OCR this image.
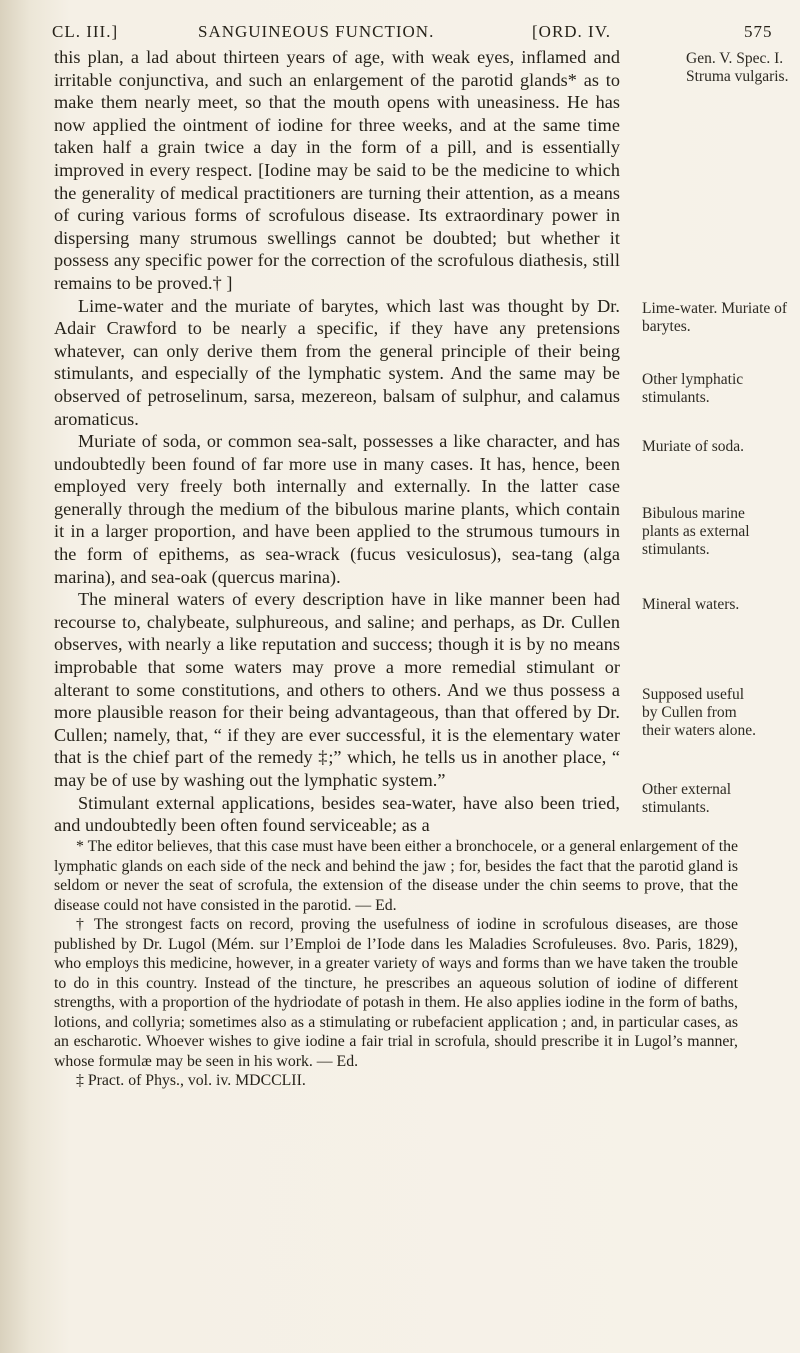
CL. III.]	SANGUINEOUS FUNCTION.	[ORD. IV.	575

this plan, a lad about thirteen years of age, with weak eyes, inflamed and irritable conjunctiva, and such an enlargement of the parotid glands* as to make them nearly meet, so that the mouth opens with uneasiness. He has now applied the ointment of iodine for three weeks, and at the same time taken half a grain twice a day in the form of a pill, and is essentially improved in every respect. [Iodine may be said to be the medicine to which the generality of medical practitioners are turning their attention, as a means of curing various forms of scrofulous disease. Its extraordinary power in dispersing many strumous swellings cannot be doubted; but whether it possess any specific power for the correction of the scrofulous diathesis, still remains to be proved.† ]

Lime-water and the muriate of barytes, which last was thought by Dr. Adair Crawford to be nearly a specific, if they have any pretensions whatever, can only derive them from the general principle of their being stimulants, and especially of the lymphatic system. And the same may be observed of petroselinum, sarsa, mezereon, balsam of sulphur, and calamus aromaticus.

Muriate of soda, or common sea-salt, possesses a like character, and has undoubtedly been found of far more use in many cases. It has, hence, been employed very freely both internally and externally. In the latter case generally through the medium of the bibulous marine plants, which contain it in a larger proportion, and have been applied to the strumous tumours in the form of epithems, as sea-wrack (fucus vesiculosus), sea-tang (alga marina), and sea-oak (quercus marina).

The mineral waters of every description have in like manner been had recourse to, chalybeate, sulphureous, and saline; and perhaps, as Dr. Cullen observes, with nearly a like reputation and success; though it is by no means improbable that some waters may prove a more remedial stimulant or alterant to some constitutions, and others to others. And we thus possess a more plausible reason for their being advantageous, than that offered by Dr. Cullen; namely, that, “ if they are ever successful, it is the elementary water that is the chief part of the remedy ‡;” which, he tells us in another place, “ may be of use by washing out the lymphatic system.”

Stimulant external applications, besides sea-water, have also been tried, and undoubtedly been often found serviceable; as a

Gen. V. Spec. I. Struma vulgaris.
Lime-water. Muriate of barytes.
Other lymphatic stimulants.
Muriate of soda.
Bibulous marine plants as external stimulants.
Mineral waters.
Supposed useful by Cullen from their waters alone.
Other external stimulants.

* The editor believes, that this case must have been either a bronchocele, or a general enlargement of the lymphatic glands on each side of the neck and behind the jaw ; for, besides the fact that the parotid gland is seldom or never the seat of scrofula, the extension of the disease under the chin seems to prove, that the disease could not have consisted in the parotid. — Ed.

† The strongest facts on record, proving the usefulness of iodine in scrofulous diseases, are those published by Dr. Lugol (Mém. sur l’Emploi de l’Iode dans les Maladies Scrofuleuses. 8vo. Paris, 1829), who employs this medicine, however, in a greater variety of ways and forms than we have taken the trouble to do in this country. Instead of the tincture, he prescribes an aqueous solution of iodine of different strengths, with a proportion of the hydriodate of potash in them. He also applies iodine in the form of baths, lotions, and collyria; sometimes also as a stimulating or rubefacient application ; and, in particular cases, as an escharotic. Whoever wishes to give iodine a fair trial in scrofula, should prescribe it in Lugol’s manner, whose formulæ may be seen in his work. — Ed.

‡ Pract. of Phys., vol. iv. MDCCLII.
